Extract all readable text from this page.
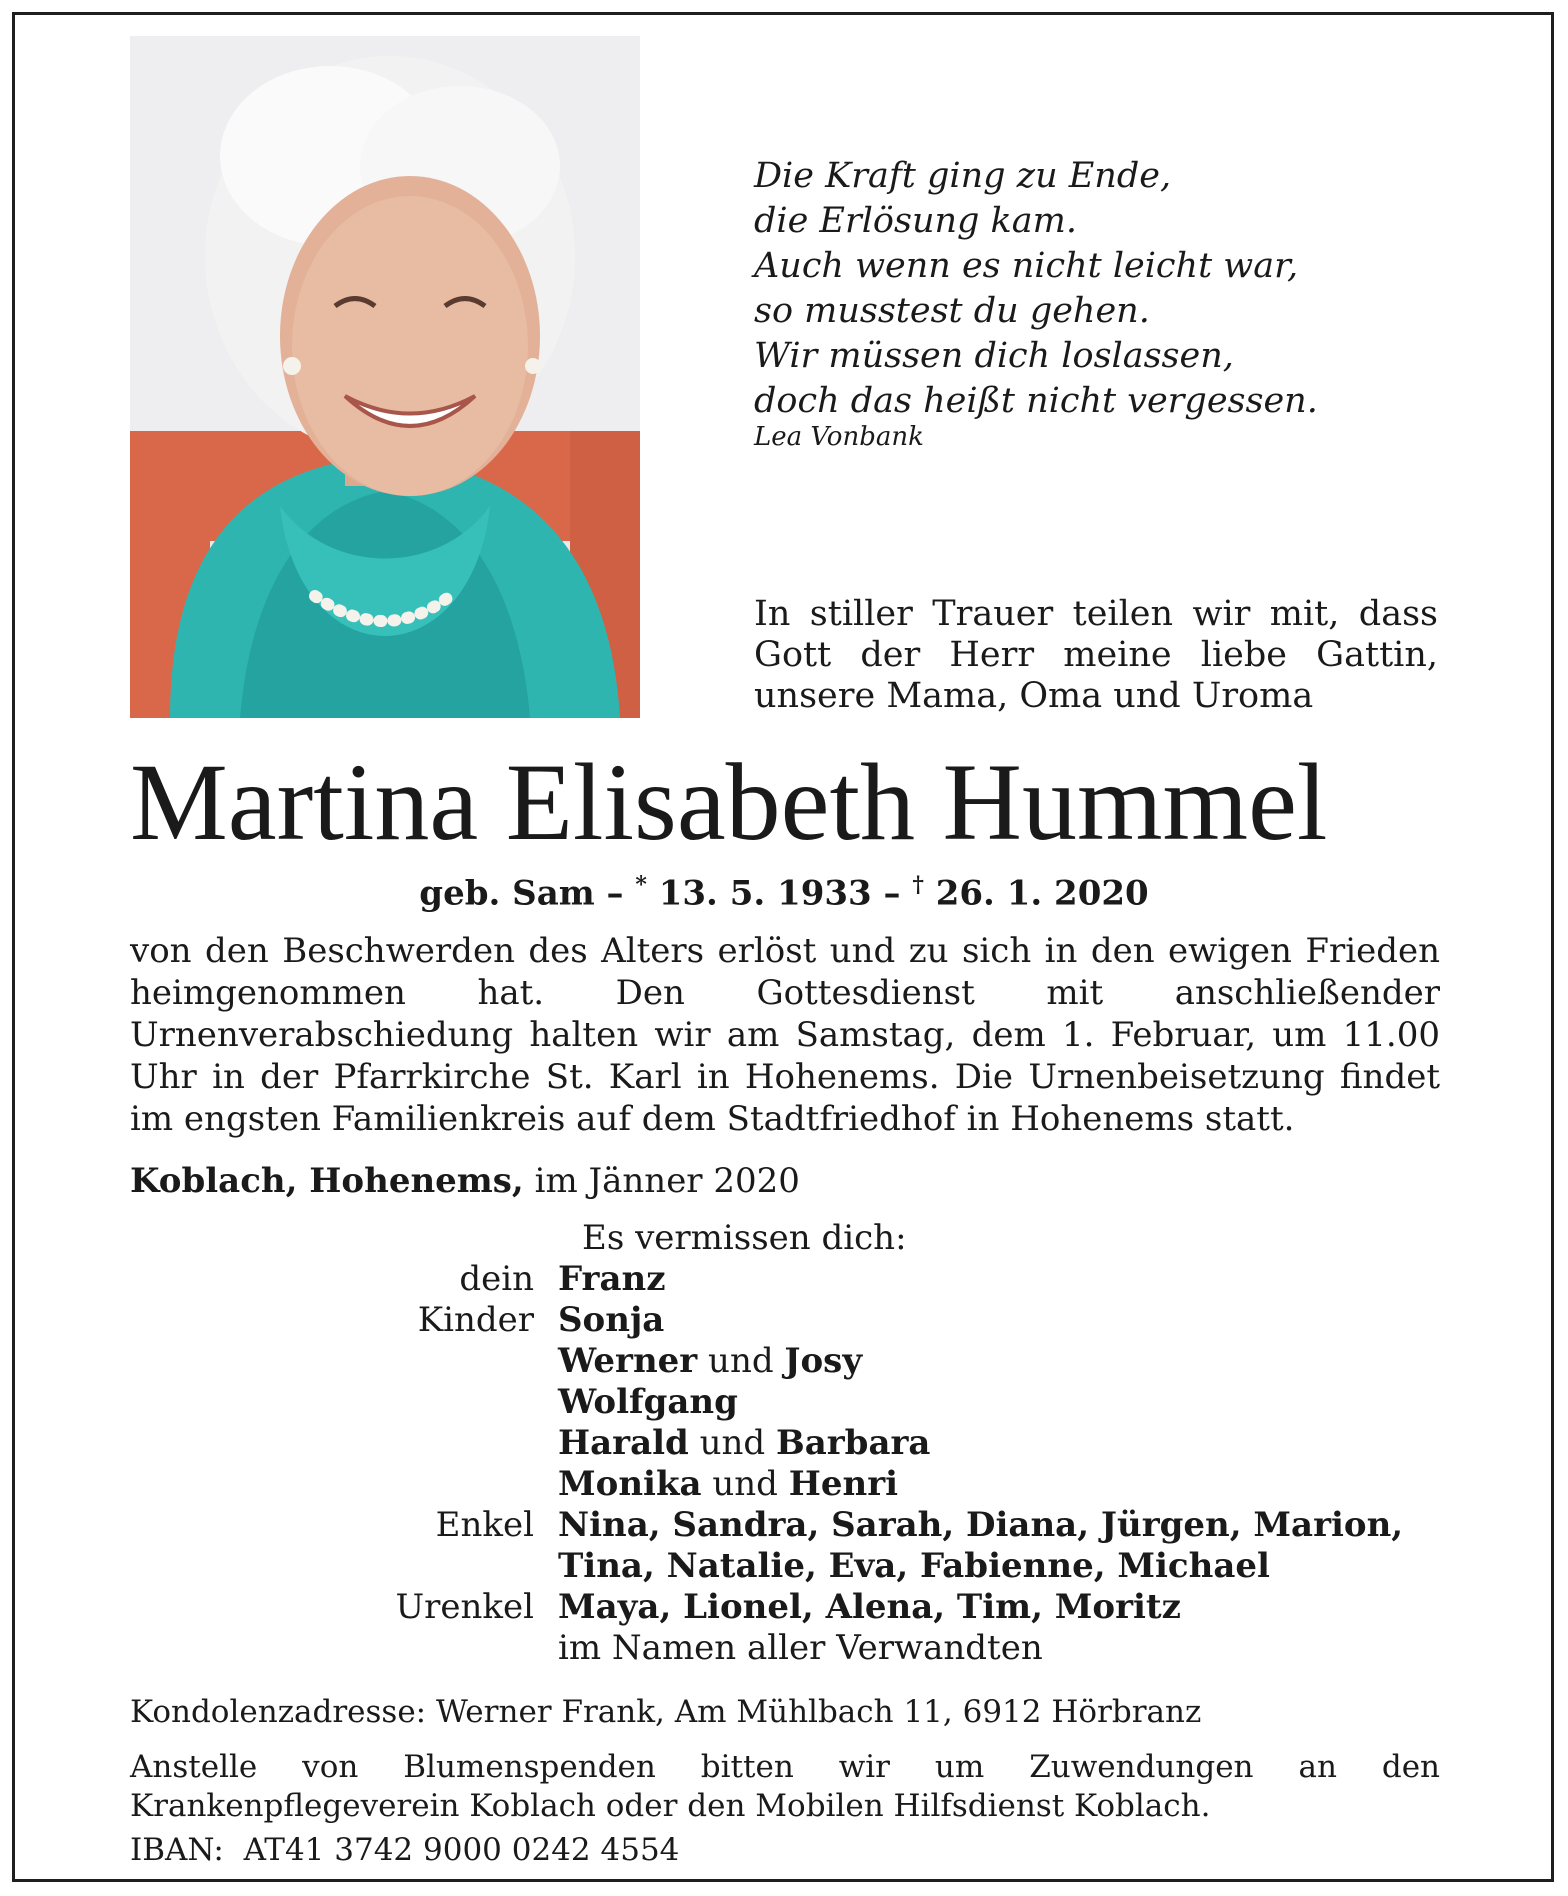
Die Kraft ging zu Ende,
die Erlösung kam.
Auch wenn es nicht leicht war,
so musstest du gehen.
Wir müssen dich loslassen,
doch das heißt nicht vergessen.
Lea Vonbank
In stiller Trauer teilen wir mit, dass Gott der Herr meine liebe Gattin, unsere Mama, Oma und Uroma
Martina Elisabeth Hummel
geb. Sam – * 13. 5. 1933 – † 26. 1. 2020
von den Beschwerden des Alters erlöst und zu sich in den ewigen Frieden heimgenommen hat. Den Gottesdienst mit anschließender Urnenverabschiedung halten wir am Samstag, dem 1. Februar, um 11.00 Uhr in der Pfarrkirche St. Karl in Hohenems. Die Urnenbeisetzung findet im engsten Familienkreis auf dem Stadtfriedhof in Hohenems statt.
Koblach, Hohenems, im Jänner 2020
Es vermissen dich:
dein Franz
Kinder Sonja
Werner und Josy
Wolfgang
Harald und Barbara
Monika und Henri
Enkel Nina, Sandra, Sarah, Diana, Jürgen, Marion,
Tina, Natalie, Eva, Fabienne, Michael
Urenkel Maya, Lionel, Alena, Tim, Moritz
im Namen aller Verwandten
Kondolenzadresse: Werner Frank, Am Mühlbach 11, 6912 Hörbranz
Anstelle von Blumenspenden bitten wir um Zuwendungen an den Krankenpflegeverein Koblach oder den Mobilen Hilfsdienst Koblach.
IBAN:  AT41 3742 9000 0242 4554
